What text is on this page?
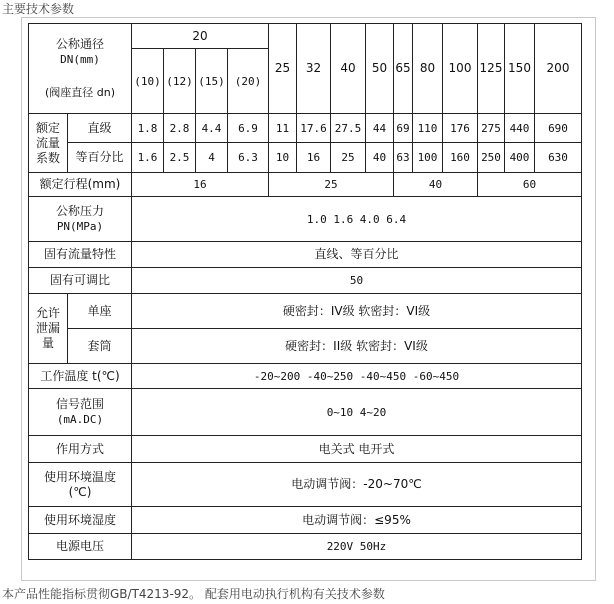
主要技术参数
公称通径
DN(mm)
(阀座直径 dn)		20				25	32	40	50	65	80	100	125	150	200
		(10)	(12)	(15)	(20)										

额定
流量
系数	直级	1.8	2.8	4.4	6.9	11	17.6	27.5	44	69	110	176	275	440	690
	等百分比	1.6	2.5	4	6.3	10	16	25	40	63	100	160	250	400	630
额定行程(mm)		16				25				40			60		

公称压力
PN(MPa)		1.0 1.6 4.0 6.4													
固有流量特性		直线、等百分比													
固有可调比		50													

允许
泄漏
量	单座	硬密封：IV级 软密封：VI级													
	套筒	硬密封：II级 软密封：VI级													
工作温度 t(℃)		-20~200 -40~250 -40~450 -60~450													

信号范围
(mA.DC)		0~10 4~20													
作用方式		电关式 电开式													

使用环境温度
(℃)		电动调节阀：-20~70℃													
使用环境湿度		电动调节阀：≤95%													
电源电压		220V 50Hz													
本产品性能指标贯彻GB/T4213-92。 配套用电动执行机构有关技术参数
